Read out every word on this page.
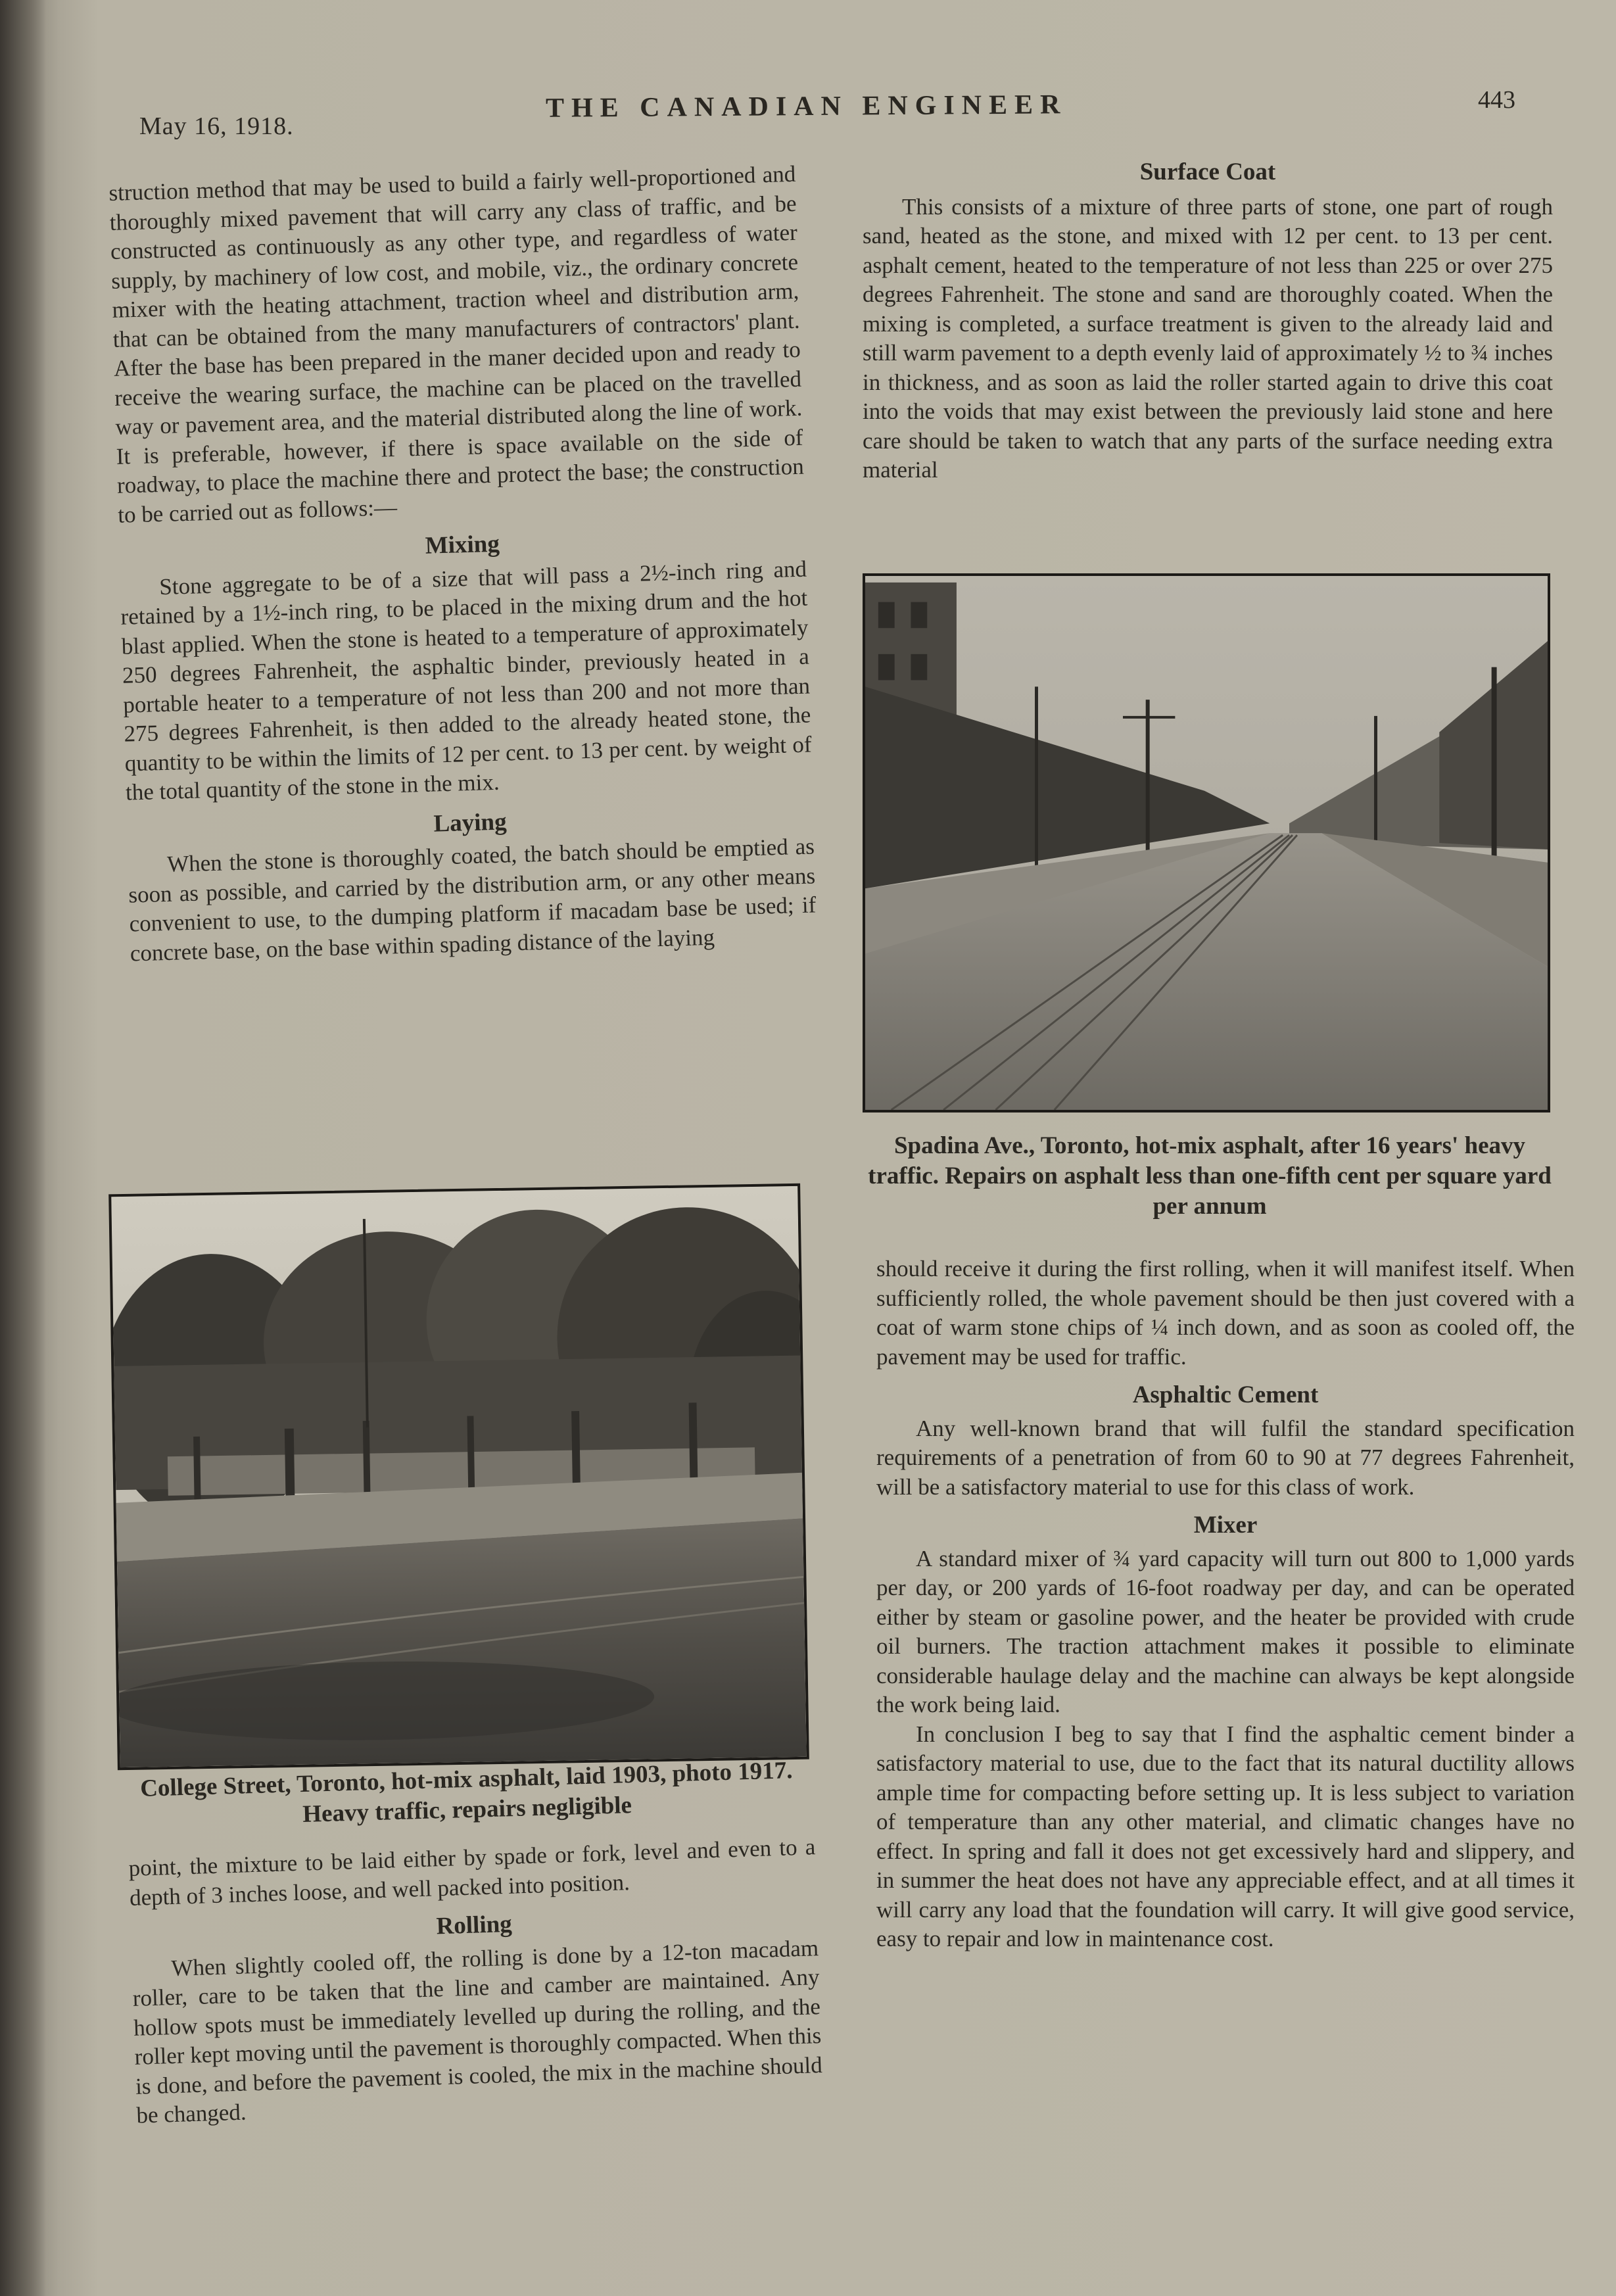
May 16, 1918.
THE CANADIAN ENGINEER	443

struction method that may be used to build a fairly well-proportioned and thoroughly mixed pavement that will carry any class of traffic, and be constructed as continuously as any other type, and regardless of water supply, by machinery of low cost, and mobile, viz., the ordinary concrete mixer with the heating attachment, traction wheel and distribution arm, that can be obtained from the many manufacturers of contractors' plant. After the base has been prepared in the maner decided upon and ready to receive the wearing surface, the machine can be placed on the travelled way or pavement area, and the material distributed along the line of work. It is preferable, however, if there is space available on the side of roadway, to place the machine there and protect the base; the construction to be carried out as follows:—

Mixing

Stone aggregate to be of a size that will pass a 2½-inch ring and retained by a 1½-inch ring, to be placed in the mixing drum and the hot blast applied. When the stone is heated to a temperature of approximately 250 degrees Fahrenheit, the asphaltic binder, previously heated in a portable heater to a temperature of not less than 200 and not more than 275 degrees Fahrenheit, is then added to the already heated stone, the quantity to be within the limits of 12 per cent. to 13 per cent. by weight of the total quantity of the stone in the mix.

Laying

When the stone is thoroughly coated, the batch should be emptied as soon as possible, and carried by the distribution arm, or any other means convenient to use, to the dumping platform if macadam base be used; if concrete base, on the base within spading distance of the laying

College Street, Toronto, hot-mix asphalt, laid 1903, photo 1917. Heavy traffic, repairs negligible

point, the mixture to be laid either by spade or fork, level and even to a depth of 3 inches loose, and well packed into position.

Rolling

When slightly cooled off, the rolling is done by a 12-ton macadam roller, care to be taken that the line and camber are maintained. Any hollow spots must be immediately levelled up during the rolling, and the roller kept moving until the pavement is thoroughly compacted. When this is done, and before the pavement is cooled, the mix in the machine should be changed.

Surface Coat

This consists of a mixture of three parts of stone, one part of rough sand, heated as the stone, and mixed with 12 per cent. to 13 per cent. asphalt cement, heated to the temperature of not less than 225 or over 275 degrees Fahrenheit. The stone and sand are thoroughly coated. When the mixing is completed, a surface treatment is given to the already laid and still warm pavement to a depth evenly laid of approximately ½ to ¾ inches in thickness, and as soon as laid the roller started again to drive this coat into the voids that may exist between the previously laid stone and here care should be taken to watch that any parts of the surface needing extra material

Spadina Ave., Toronto, hot-mix asphalt, after 16 years' heavy traffic. Repairs on asphalt less than one-fifth cent per square yard per annum

should receive it during the first rolling, when it will manifest itself. When sufficiently rolled, the whole pavement should be then just covered with a coat of warm stone chips of ¼ inch down, and as soon as cooled off, the pavement may be used for traffic.

Asphaltic Cement

Any well-known brand that will fulfil the standard specification requirements of a penetration of from 60 to 90 at 77 degrees Fahrenheit, will be a satisfactory material to use for this class of work.

Mixer

A standard mixer of ¾ yard capacity will turn out 800 to 1,000 yards per day, or 200 yards of 16-foot roadway per day, and can be operated either by steam or gasoline power, and the heater be provided with crude oil burners. The traction attachment makes it possible to eliminate considerable haulage delay and the machine can always be kept alongside the work being laid.

In conclusion I beg to say that I find the asphaltic cement binder a satisfactory material to use, due to the fact that its natural ductility allows ample time for compacting before setting up. It is less subject to variation of temperature than any other material, and climatic changes have no effect. In spring and fall it does not get excessively hard and slippery, and in summer the heat does not have any appreciable effect, and at all times it will carry any load that the foundation will carry. It will give good service, easy to repair and low in maintenance cost.
